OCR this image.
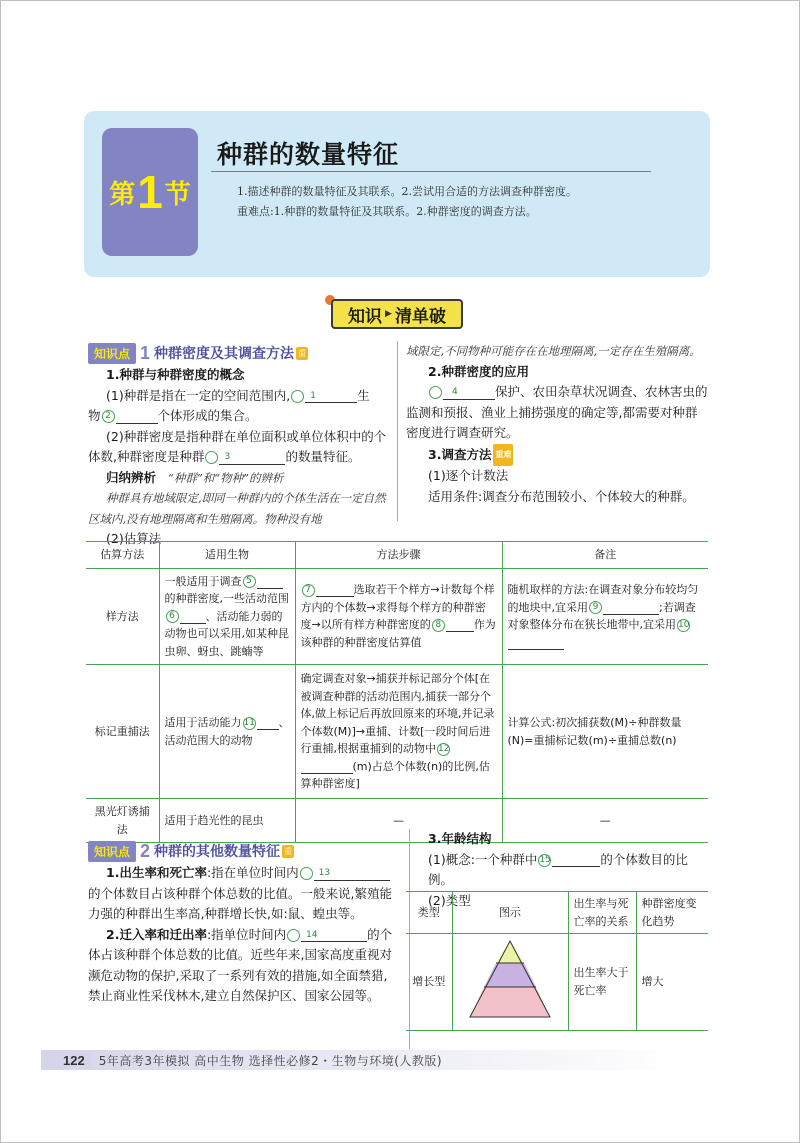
第 1 节
种群的数量特征
1.描述种群的数量特征及其联系。2.尝试用合适的方法调查种群密度。
重难点:1.种群的数量特征及其联系。2.种群密度的调查方法。
知识 ▶ 清单破
知识点 1 种群密度及其调查方法 重

1.种群与种群密度的概念

(1)种群是指在一定的空间范围内, 1	生

物 2	个体形成的集合。

(2)种群密度是指种群在单位面积或单位体积中的个体数,种群密度是种群 3	的数量特征。

归纳辨析 “种群”和“物种”的辨析

种群具有地域限定,即同一种群内的个体生活在一定自然区域内,没有地理隔离和生殖隔离。物种没有地

(2)估算法

域限定,不同物种可能存在在地理隔离,一定存在生殖隔离。

2.种群密度的应用

4	保护、农田杂草状况调查、农林害虫的监测和预报、渔业上捕捞强度的确定等,都需要对种群密度进行调查研究。

3.调查方法 重难

(1)逐个计数法

适用条件:调查分布范围较小、个体较大的种群。

估算方法	适用生物	方法步骤	备注
样方法	一般适用于调查 5的种群密度,一些活动范围6 、活动能力弱的动物也可以采用,如某种昆虫卵、蚜虫、跳蝻等	7 选取若干个样方→计数每个样方内的个体数→求得每个样方的种群密度→以所有样方种群密度的 8 作为该种群的种群密度估算值	随机取样的方法:在调查对象分布较均匀的地块中,宜采用 9 ;若调查对象整体分布在狭长地带中,宜采用 10
标记重捕法	适用于活动能力 11 、活动范围大的动物	确定调查对象→捕获并标记部分个体[在被调查种群的活动范围内,捕获一部分个体,做上标记后再放回原来的环境,并记录个体数(M)]→重捕、计数[一段时间后进行重捕,根据重捕到的动物中 12(m)占总个体数(n)的比例,估算种群密度]	计算公式:初次捕获数(M)÷种群数量(N)=重捕标记数(m)÷重捕总数(n)
黑光灯诱捕法	适用于趋光性的昆虫	—	—
知识点 2 种群的其他数量特征 重

1.出生率和死亡率:指在单位时间内 13的个体数目占该种群个体总数的比值。一般来说,繁殖能力强的种群出生率高,种群增长快,如:鼠、蝗虫等。

2.迁入率和迁出率:指单位时间内 14	的个体占该种群个体总数的比值。近些年来,国家高度重视对濒危动物的保护,采取了一系列有效的措施,如全面禁猎,禁止商业性采伐林木,建立自然保护区、国家公园等。

3.年龄结构

(1)概念:一个种群中 15	的个体数目的比例。

(2)类型

类型	图示	出生率与死亡率的关系	种群密度变化趋势
增长型		出生率大于死亡率	增大
122	5年高考3年模拟 高中生物 选择性必修2・生物与环境(人教版)
